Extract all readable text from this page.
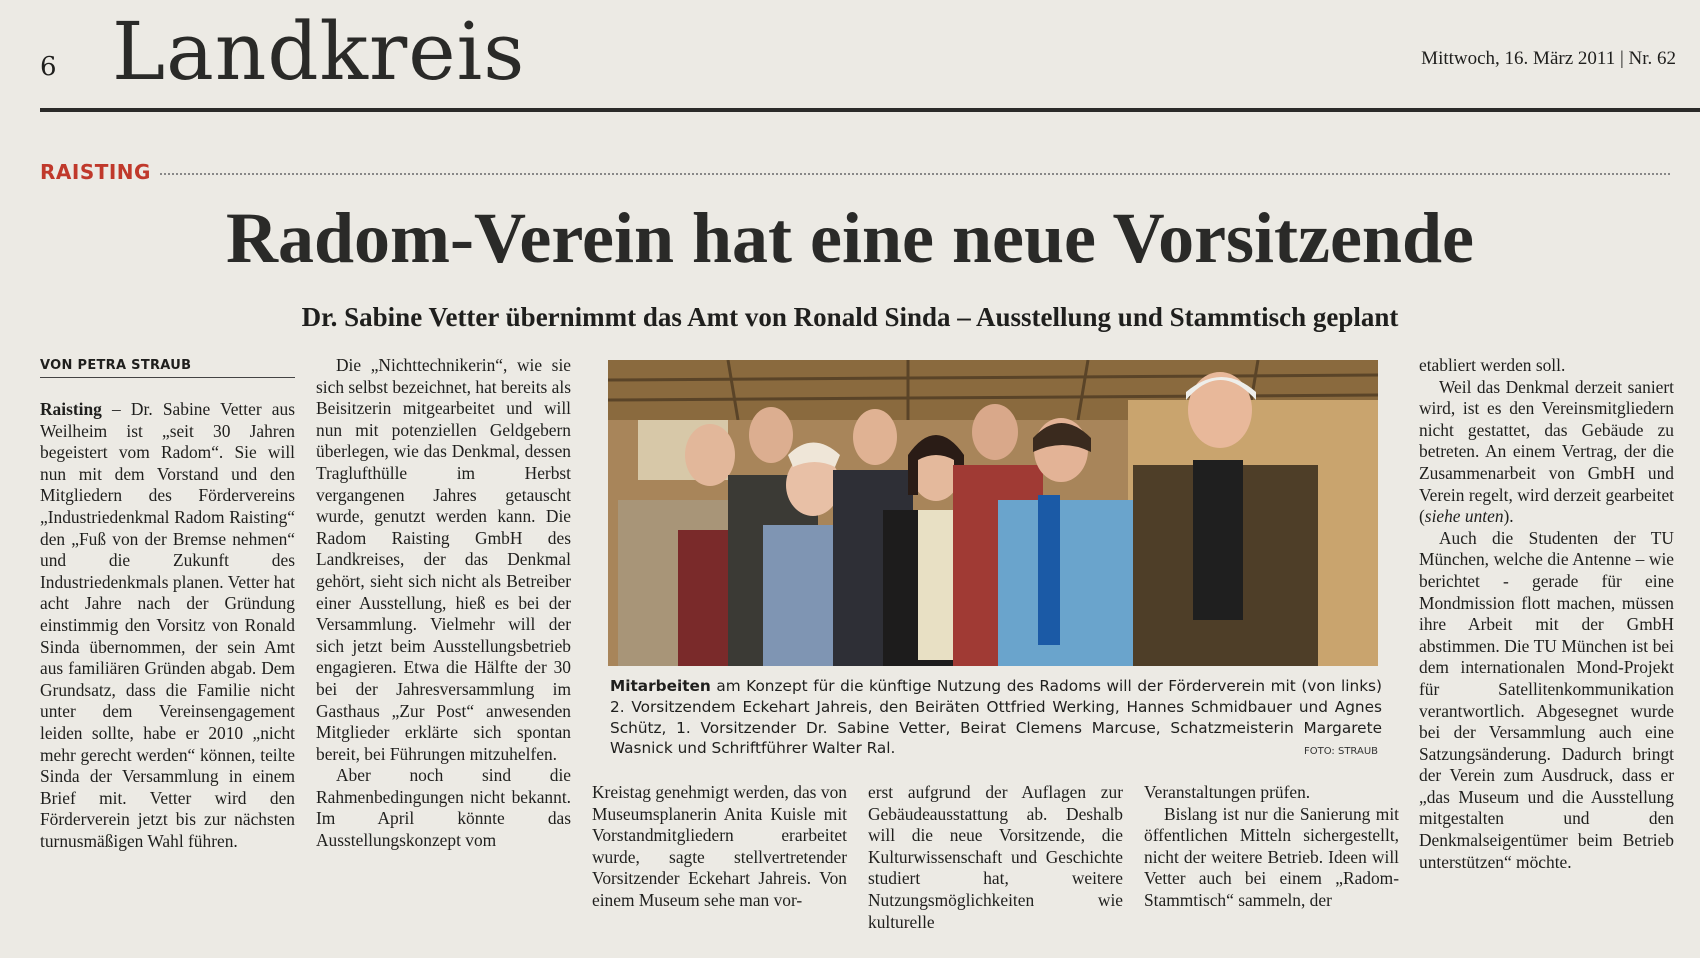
6 Landkreis	Mittwoch, 16. März 2011 | Nr. 62
RAISTING
Radom-Verein hat eine neue Vorsitzende
Dr. Sabine Vetter übernimmt das Amt von Ronald Sinda – Ausstellung und Stammtisch geplant
VON PETRA STRAUB

Raisting – Dr. Sabine Vetter aus Weilheim ist „seit 30 Jahren begeistert vom Radom“. Sie will nun mit dem Vorstand und den Mitgliedern des Fördervereins „Industriedenkmal Radom Raisting“ den „Fuß von der Bremse nehmen“ und die Zukunft des Industriedenkmals planen. Vetter hat acht Jahre nach der Gründung einstimmig den Vorsitz von Ronald Sinda übernommen, der sein Amt aus familiären Gründen abgab. Dem Grundsatz, dass die Familie nicht unter dem Vereinsengagement leiden sollte, habe er 2010 „nicht mehr gerecht werden“ können, teilte Sinda der Versammlung in einem Brief mit. Vetter wird den Förderverein jetzt bis zur nächsten turnusmäßigen Wahl führen.

Die „Nichttechnikerin“, wie sie sich selbst bezeichnet, hat bereits als Beisitzerin mitgearbeitet und will nun mit potenziellen Geldgebern überlegen, wie das Denkmal, dessen Traglufthülle im Herbst vergangenen Jahres getauscht wurde, genutzt werden kann. Die Radom Raisting GmbH des Landkreises, der das Denkmal gehört, sieht sich nicht als Betreiber einer Ausstellung, hieß es bei der Versammlung. Vielmehr will der sich jetzt beim Ausstellungsbetrieb engagieren. Etwa die Hälfte der 30 bei der Jahresversammlung im Gasthaus „Zur Post“ anwesenden Mitglieder erklärte sich spontan bereit, bei Führungen mitzuhelfen.

Aber noch sind die Rahmenbedingungen nicht bekannt. Im April könnte das Ausstellungskonzept vom

Mitarbeiten am Konzept für die künftige Nutzung des Radoms will der Förderverein mit (von links) 2. Vorsitzendem Eckehart Jahreis, den Beiräten Ottfried Werking, Hannes Schmidbauer und Agnes Schütz, 1. Vorsitzender Dr. Sabine Vetter, Beirat Clemens Marcuse, Schatzmeisterin Margarete Wasnick und Schriftführer Walter Ral.	FOTO: STRAUB

Kreistag genehmigt werden, das von Museumsplanerin Anita Kuisle mit Vorstandmitgliedern erarbeitet wurde, sagte stellvertretender Vorsitzender Eckehart Jahreis. Von einem Museum sehe man vor-

erst aufgrund der Auflagen zur Gebäudeausstattung ab. Deshalb will die neue Vorsitzende, die Kulturwissenschaft und Geschichte studiert hat, weitere Nutzungsmöglichkeiten wie kulturelle

Veranstaltungen prüfen.

Bislang ist nur die Sanierung mit öffentlichen Mitteln sichergestellt, nicht der weitere Betrieb. Ideen will Vetter auch bei einem „Radom-Stammtisch“ sammeln, der

etabliert werden soll.

Weil das Denkmal derzeit saniert wird, ist es den Vereinsmitgliedern nicht gestattet, das Gebäude zu betreten. An einem Vertrag, der die Zusammenarbeit von GmbH und Verein regelt, wird derzeit gearbeitet (siehe unten).

Auch die Studenten der TU München, welche die Antenne – wie berichtet - gerade für eine Mondmission flott machen, müssen ihre Arbeit mit der GmbH abstimmen. Die TU München ist bei dem internationalen Mond-Projekt für Satellitenkommunikation verantwortlich. Abgesegnet wurde bei der Versammlung auch eine Satzungsänderung. Dadurch bringt der Verein zum Ausdruck, dass er „das Museum und die Ausstellung mitgestalten und den Denkmalseigentümer beim Betrieb unterstützen“ möchte.
